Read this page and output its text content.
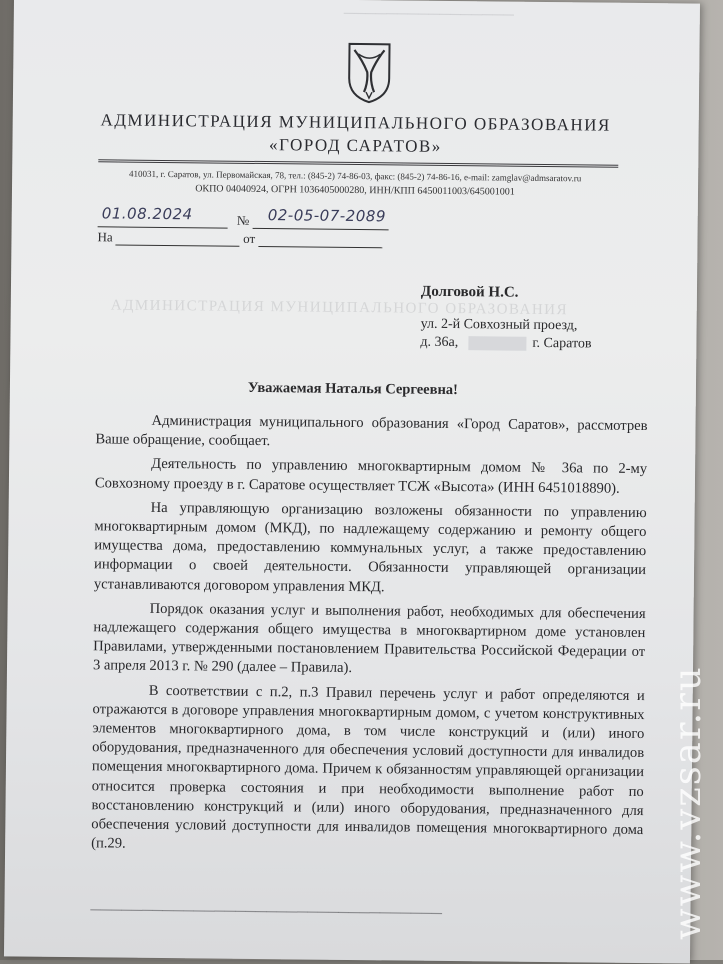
АДМИНИСТРАЦИЯ МУНИЦИПАЛЬНОГО ОБРАЗОВАНИЯ
────────────────
АДМИНИСТРАЦИЯ МУНИЦИПАЛЬНОГО ОБРАЗОВАНИЯ
«ГОРОД САРАТОВ»
410031, г. Саратов, ул. Первомайская, 78, тел.: (845-2) 74-86-03, факс: (845-2) 74-86-16, e-mail: zamglav@admsaratov.ru
ОКПО 04040924, ОГРН 1036405000280, ИНН/КПП 6450011003/645001001
№
01.08.2024	02-05-07-2089
На	от
Долговой Н.С.
ул. 2-й Совхозный проезд,
д. 36а,	г. Саратов
Уважаемая Наталья Сергеевна!

Администрация муниципального образования «Город Саратов», рассмотрев Ваше обращение, сообщает.

Деятельность по управлению многоквартирным домом № 36а по 2-му Совхозному проезду в г. Саратове осуществляет ТСЖ «Высота» (ИНН 6451018890).

На управляющую организацию возложены обязанности по управлению многоквартирным домом (МКД), по надлежащему содержанию и ремонту общего имущества дома, предоставлению коммунальных услуг, а также предоставлению информации о своей деятельности. Обязанности управляющей организации устанавливаются договором управления МКД.

Порядок оказания услуг и выполнения работ, необходимых для обеспечения надлежащего содержания общего имущества в многоквартирном доме установлен Правилами, утвержденными постановлением Правительства Российской Федерации от 3 апреля 2013 г. № 290 (далее – Правила).

В соответствии с п.2, п.3 Правил перечень услуг и работ определяются и отражаются в договоре управления многоквартирным домом, с учетом конструктивных элементов многоквартирного дома, в том числе конструкций и (или) иного оборудования, предназначенного для обеспечения условий доступности для инвалидов помещения многоквартирного дома. Причем к обязанностям управляющей организации относится проверка состояния и при необходимости выполнение работ по восстановлению конструкций и (или) иного оборудования, предназначенного для обеспечения условий доступности для инвалидов помещения многоквартирного дома (п.29.

──────────────────────────────────	www.vzsar.ru
